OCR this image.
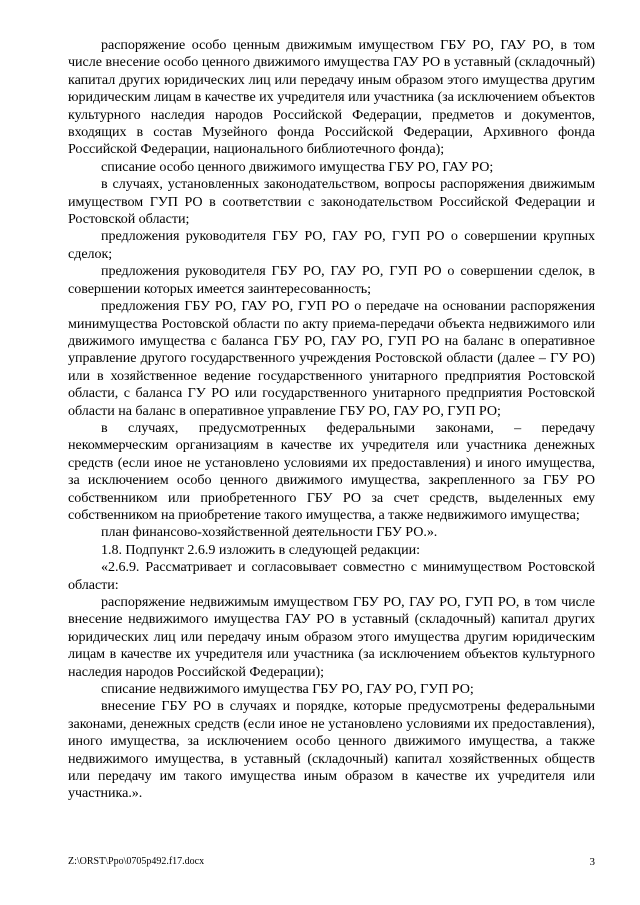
распоряжение особо ценным движимым имуществом ГБУ РО, ГАУ РО, в том числе внесение особо ценного движимого имущества ГАУ РО в уставный (складочный) капитал других юридических лиц или передачу иным образом этого имущества другим юридическим лицам в качестве их учредителя или участника (за исключением объектов культурного наследия народов Российской Федерации, предметов и документов, входящих в состав Музейного фонда Российской Федерации, Архивного фонда Российской Федерации, национального библиотечного фонда);

списание особо ценного движимого имущества ГБУ РО, ГАУ РО;

в случаях, установленных законодательством, вопросы распоряжения движимым имуществом ГУП РО в соответствии с законодательством Российской Федерации и Ростовской области;

предложения руководителя ГБУ РО, ГАУ РО, ГУП РО о совершении крупных сделок;

предложения руководителя ГБУ РО, ГАУ РО, ГУП РО о совершении сделок, в совершении которых имеется заинтересованность;

предложения ГБУ РО, ГАУ РО, ГУП РО о передаче на основании распоряжения минимущества Ростовской области по акту приема-передачи объекта недвижимого или движимого имущества с баланса ГБУ РО, ГАУ РО, ГУП РО на баланс в оперативное управление другого государственного учреждения Ростовской области (далее – ГУ РО) или в хозяйственное ведение государственного унитарного предприятия Ростовской области, с баланса ГУ РО или государственного унитарного предприятия Ростовской области на баланс в оперативное управление ГБУ РО, ГАУ РО, ГУП РО;

в случаях, предусмотренных федеральными законами, – передачу некоммерческим организациям в качестве их учредителя или участника денежных средств (если иное не установлено условиями их предоставления) и иного имущества, за исключением особо ценного движимого имущества, закрепленного за ГБУ РО собственником или приобретенного ГБУ РО за счет средств, выделенных ему собственником на приобретение такого имущества, а также недвижимого имущества;

план финансово-хозяйственной деятельности ГБУ РО.».

1.8. Подпункт 2.6.9 изложить в следующей редакции:

«2.6.9. Рассматривает и согласовывает совместно с минимуществом Ростовской области:

распоряжение недвижимым имуществом ГБУ РО, ГАУ РО, ГУП РО, в том числе внесение недвижимого имущества ГАУ РО в уставный (складочный) капитал других юридических лиц или передачу иным образом этого имущества другим юридическим лицам в качестве их учредителя или участника (за исключением объектов культурного наследия народов Российской Федерации);

списание недвижимого имущества ГБУ РО, ГАУ РО, ГУП РО;

внесение ГБУ РО в случаях и порядке, которые предусмотрены федеральными законами, денежных средств (если иное не установлено условиями их предоставления), иного имущества, за исключением особо ценного движимого имущества, а также недвижимого имущества, в уставный (складочный) капитал хозяйственных обществ или передачу им такого имущества иным образом в качестве их учредителя или участника.».

Z:\ORST\Ppo\0705p492.f17.docx	3
